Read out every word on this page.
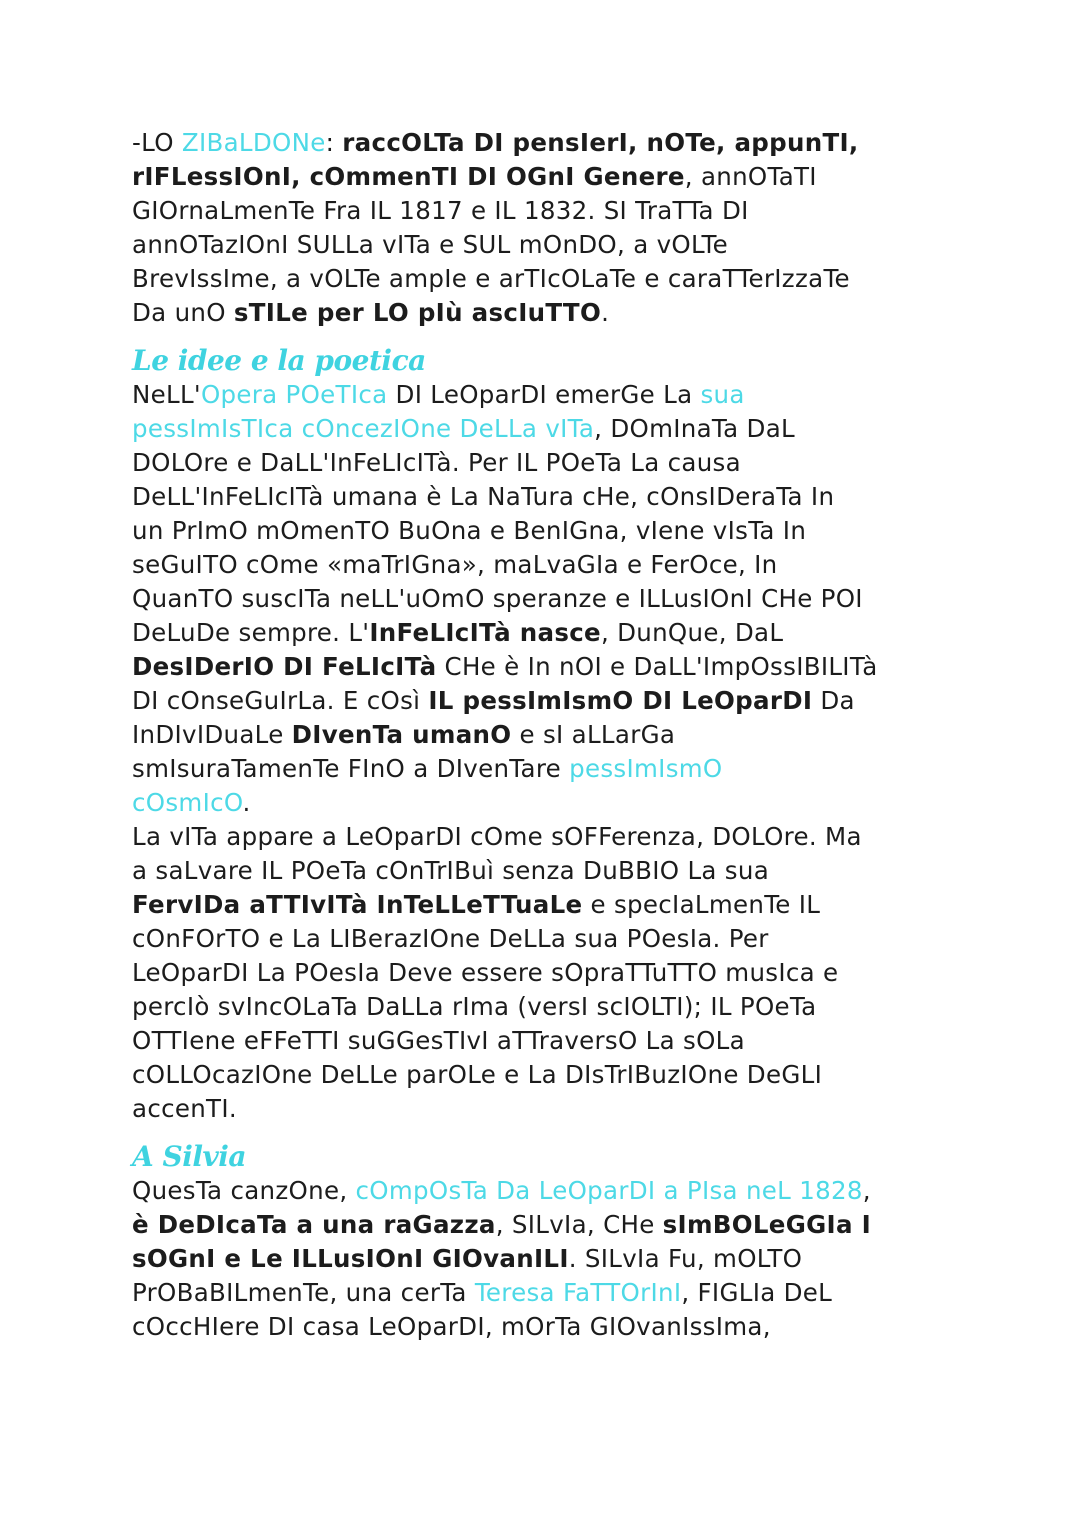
-LO ZIBaLDONe: raccOLTa DI pensIerI, nOTe, appunTI,
rIFLessIOnI, cOmmenTI DI OGnI Genere, annOTaTI
GIOrnaLmenTe Fra IL 1817 e IL 1832. SI TraTTa DI
annOTazIOnI SULLa vITa e SUL mOnDO, a vOLTe
BrevIssIme, a vOLTe ampIe e arTIcOLaTe e caraTTerIzzaTe
Da unO sTILe per LO pIù ascIuTTO.

Le idee e la poetica

NeLL'Opera POeTIca DI LeOparDI emerGe La sua
pessImIsTIca cOncezIOne DeLLa vITa, DOmInaTa DaL
DOLOre e DaLL'InFeLIcITà. Per IL POeTa La causa
DeLL'InFeLIcITà umana è La NaTura cHe, cOnsIDeraTa In
un PrImO mOmenTO BuOna e BenIGna, vIene vIsTa In
seGuITO cOme «maTrIGna», maLvaGIa e FerOce, In
QuanTO suscITa neLL'uOmO speranze e ILLusIOnI CHe POI
DeLuDe sempre. L'InFeLIcITà nasce, DunQue, DaL
DesIDerIO DI FeLIcITà CHe è In nOI e DaLL'ImpOssIBILITà
DI cOnseGuIrLa. E cOsì IL pessImIsmO DI LeOparDI Da
InDIvIDuaLe DIvenTa umanO e sI aLLarGa
smIsuraTamenTe FInO a DIvenTare pessImIsmO
cOsmIcO.
La vITa appare a LeOparDI cOme sOFFerenza, DOLOre. Ma
a saLvare IL POeTa cOnTrIBuì senza DuBBIO La sua
FervIDa aTTIvITà InTeLLeTTuaLe e specIaLmenTe IL
cOnFOrTO e La LIBerazIOne DeLLa sua POesIa. Per
LeOparDI La POesIa Deve essere sOpraTTuTTO musIca e
percIò svIncOLaTa DaLLa rIma (versI scIOLTI); IL POeTa
OTTIene eFFeTTI suGGesTIvI aTTraversO La sOLa
cOLLOcazIOne DeLLe parOLe e La DIsTrIBuzIOne DeGLI
accenTI.

A Silvia

QuesTa canzOne, cOmpOsTa Da LeOparDI a PIsa neL 1828,
è DeDIcaTa a una raGazza, SILvIa, CHe sImBOLeGGIa I
sOGnI e Le ILLusIOnI GIOvanILI. SILvIa Fu, mOLTO
PrOBaBILmenTe, una cerTa Teresa FaTTOrInI, FIGLIa DeL
cOccHIere DI casa LeOparDI, mOrTa GIOvanIssIma,
